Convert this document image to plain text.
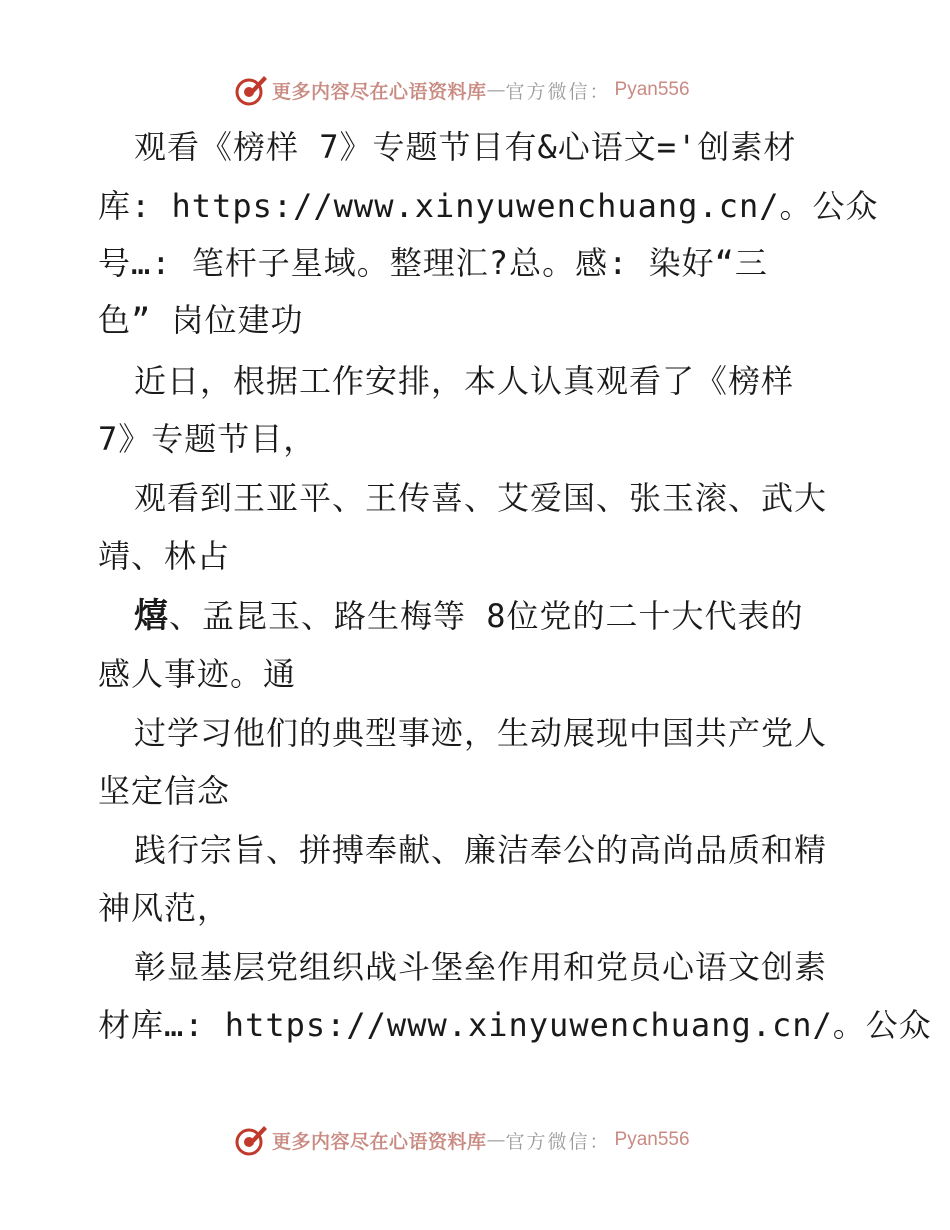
更多内容尽在心语资料库 — 官方微信： Pyan556
观看《榜样 7》专题节目有&心语文='创素材
库: https://www.xinyuwenchuang.cn/。公众
号…: 笔杆子星域。整理汇?总。感: 染好“三
色” 岗位建功
近日，根据工作安排，本人认真观看了《榜样
7》专题节目，
观看到王亚平、王传喜、艾爱国、张玉滚、武大
靖、林占
熺、孟昆玉、路生梅等 8位党的二十大代表的
感人事迹。通
过学习他们的典型事迹，生动展现中国共产党人
坚定信念
践行宗旨、拼搏奉献、廉洁奉公的高尚品质和精
神风范，
彰显基层党组织战斗堡垒作用和党员心语文创素
材库…: https://www.xinyuwenchuang.cn/。公众
更多内容尽在心语资料库 — 官方微信： Pyan556
